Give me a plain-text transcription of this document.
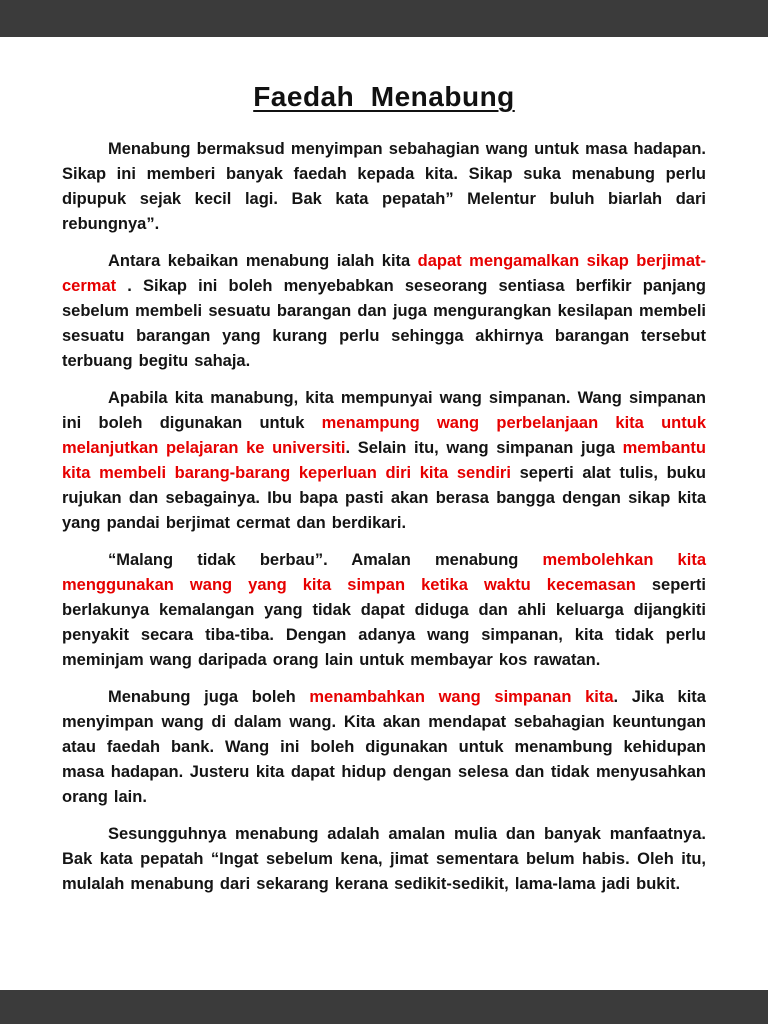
Faedah  Menabung

Menabung bermaksud menyimpan sebahagian wang untuk masa hadapan. Sikap ini memberi banyak faedah kepada kita. Sikap suka menabung perlu dipupuk sejak kecil lagi. Bak kata pepatah” Melentur buluh biarlah dari rebungnya”.

Antara kebaikan menabung ialah kita dapat mengamalkan sikap berjimat-cermat . Sikap ini boleh menyebabkan seseorang sentiasa berfikir panjang sebelum membeli sesuatu barangan dan juga mengurangkan kesilapan membeli sesuatu barangan yang kurang perlu sehingga akhirnya barangan tersebut terbuang begitu sahaja.

Apabila kita manabung, kita mempunyai wang simpanan. Wang simpanan ini boleh digunakan untuk menampung wang perbelanjaan kita untuk melanjutkan pelajaran ke universiti. Selain itu, wang simpanan juga membantu kita membeli barang-barang keperluan diri kita sendiri seperti alat tulis, buku rujukan dan sebagainya. Ibu bapa pasti akan berasa bangga dengan sikap kita yang pandai berjimat cermat dan berdikari.

“Malang tidak berbau”. Amalan menabung membolehkan kita menggunakan wang yang kita simpan ketika waktu kecemasan seperti berlakunya kemalangan yang tidak dapat diduga dan ahli keluarga dijangkiti penyakit secara tiba-tiba. Dengan adanya wang simpanan, kita tidak perlu meminjam wang daripada orang lain untuk membayar kos rawatan.

Menabung juga boleh menambahkan wang simpanan kita. Jika kita menyimpan wang di dalam wang. Kita akan mendapat sebahagian keuntungan atau faedah bank. Wang ini boleh digunakan untuk menambung kehidupan masa hadapan. Justeru kita dapat hidup dengan selesa dan tidak menyusahkan orang lain.

Sesungguhnya menabung adalah amalan mulia dan banyak manfaatnya. Bak kata pepatah “Ingat sebelum kena, jimat sementara belum habis. Oleh itu, mulalah menabung dari sekarang kerana sedikit-sedikit, lama-lama jadi bukit.
